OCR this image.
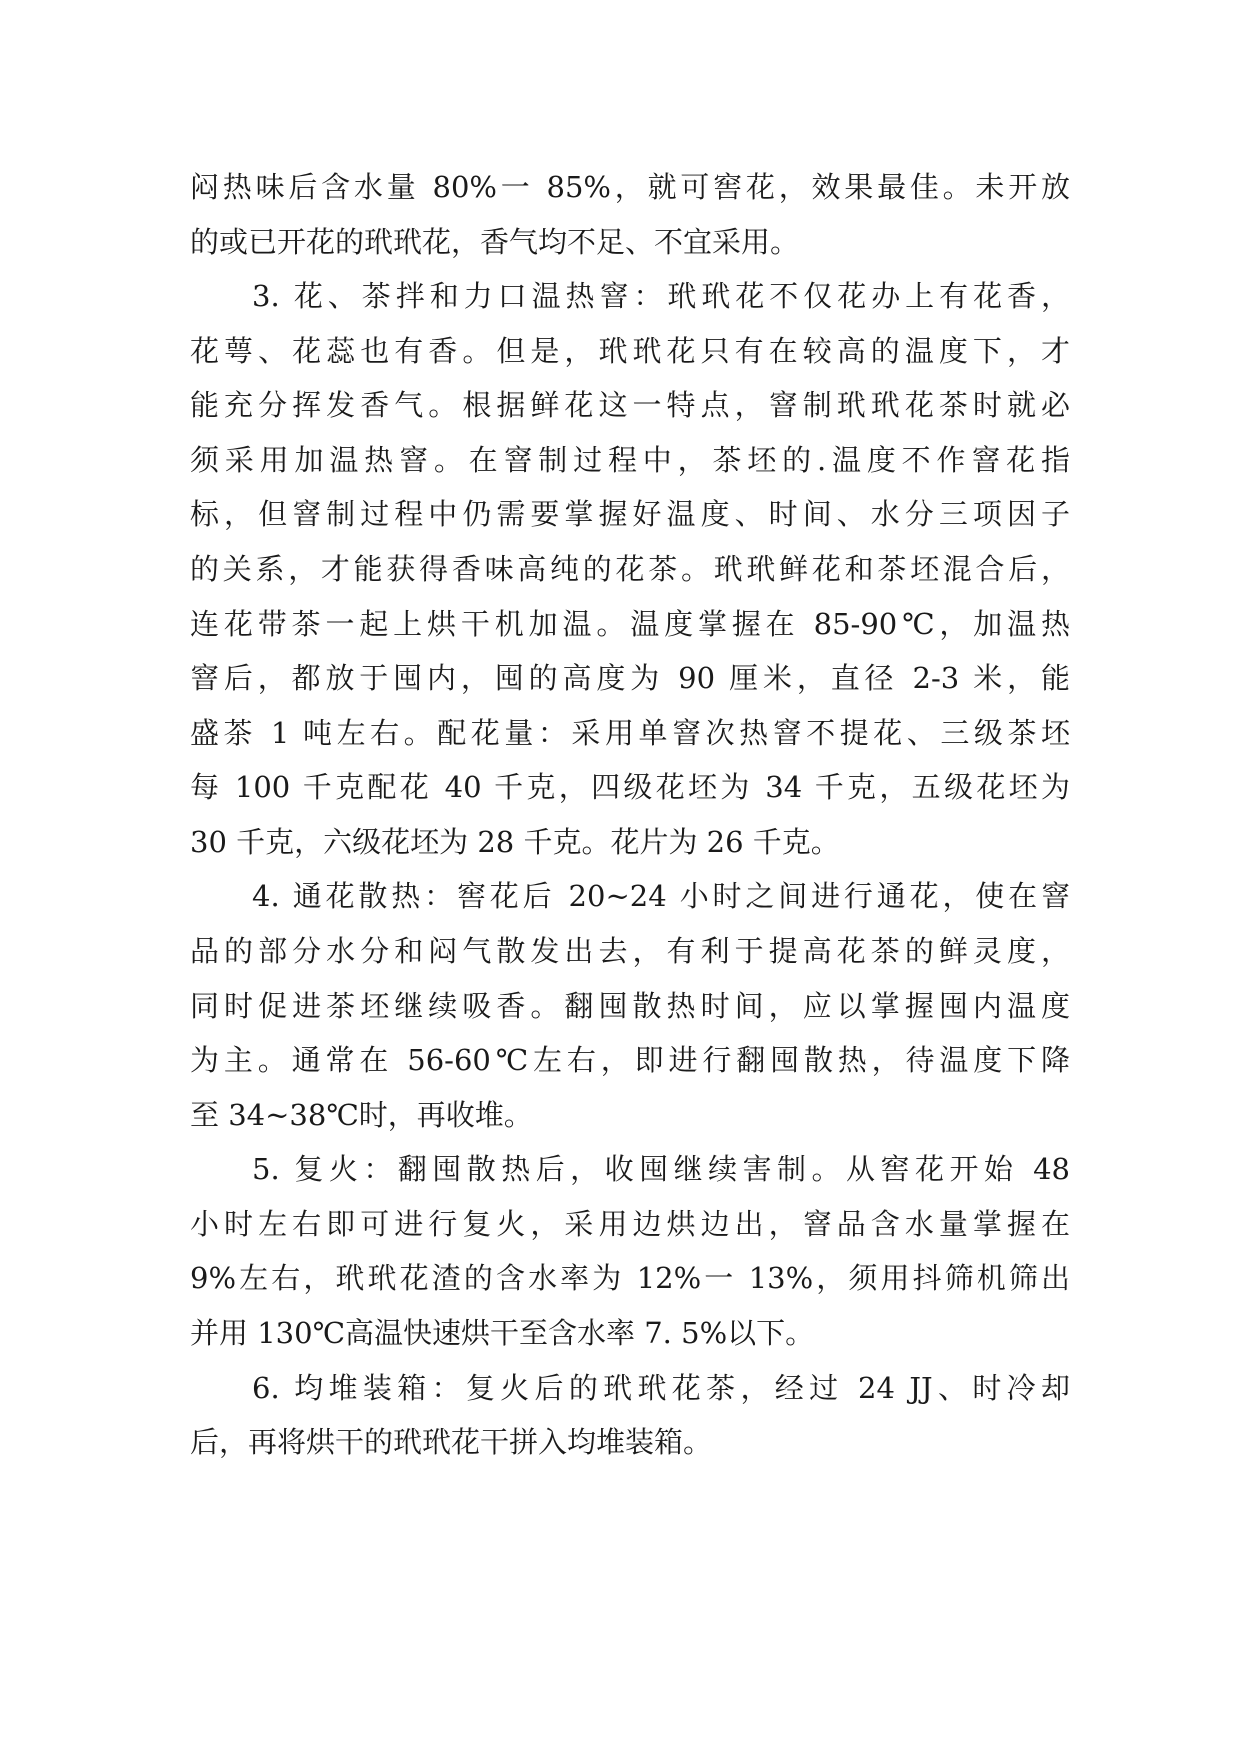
闷热味后含水量 80%一 85%，就可窖花，效果最佳。未开放
的或已开花的玳玳花，香气均不足、不宜采用。
3. 花、茶拌和力口温热窨：玳玳花不仅花办上有花香，
花萼、花蕊也有香。但是，玳玳花只有在较高的温度下，才
能充分挥发香气。根据鲜花这一特点，窨制玳玳花茶时就必
须采用加温热窨。在窨制过程中，茶坯的.温度不作窨花指
标，但窨制过程中仍需要掌握好温度、时间、水分三项因子
的关系，才能获得香味高纯的花茶。玳玳鲜花和茶坯混合后，
连花带茶一起上烘干机加温。温度掌握在 85-90℃，加温热
窨后，都放于囤内，囤的高度为 90 厘米，直径 2-3 米，能
盛茶 1 吨左右。配花量：采用单窨次热窨不提花、三级茶坯
每 100 千克配花 40 千克，四级花坯为 34 千克，五级花坯为
30 千克，六级花坯为 28 千克。花片为 26 千克。
4. 通花散热：窖花后 20~24 小时之间进行通花，使在窨
品的部分水分和闷气散发出去，有利于提高花茶的鲜灵度，
同时促进茶坯继续吸香。翻囤散热时间，应以掌握囤内温度
为主。通常在 56-60℃左右，即进行翻囤散热，待温度下降
至 34~38℃时，再收堆。
5. 复火：翻囤散热后，收囤继续害制。从窖花开始 48
小时左右即可进行复火，采用边烘边出，窨品含水量掌握在
9%左右，玳玳花渣的含水率为 12%一 13%，须用抖筛机筛出
并用 130℃高温快速烘干至含水率 7. 5%以下。
6. 均堆装箱：复火后的玳玳花茶，经过 24 JJ、时冷却
后，再将烘干的玳玳花干拼入均堆装箱。
